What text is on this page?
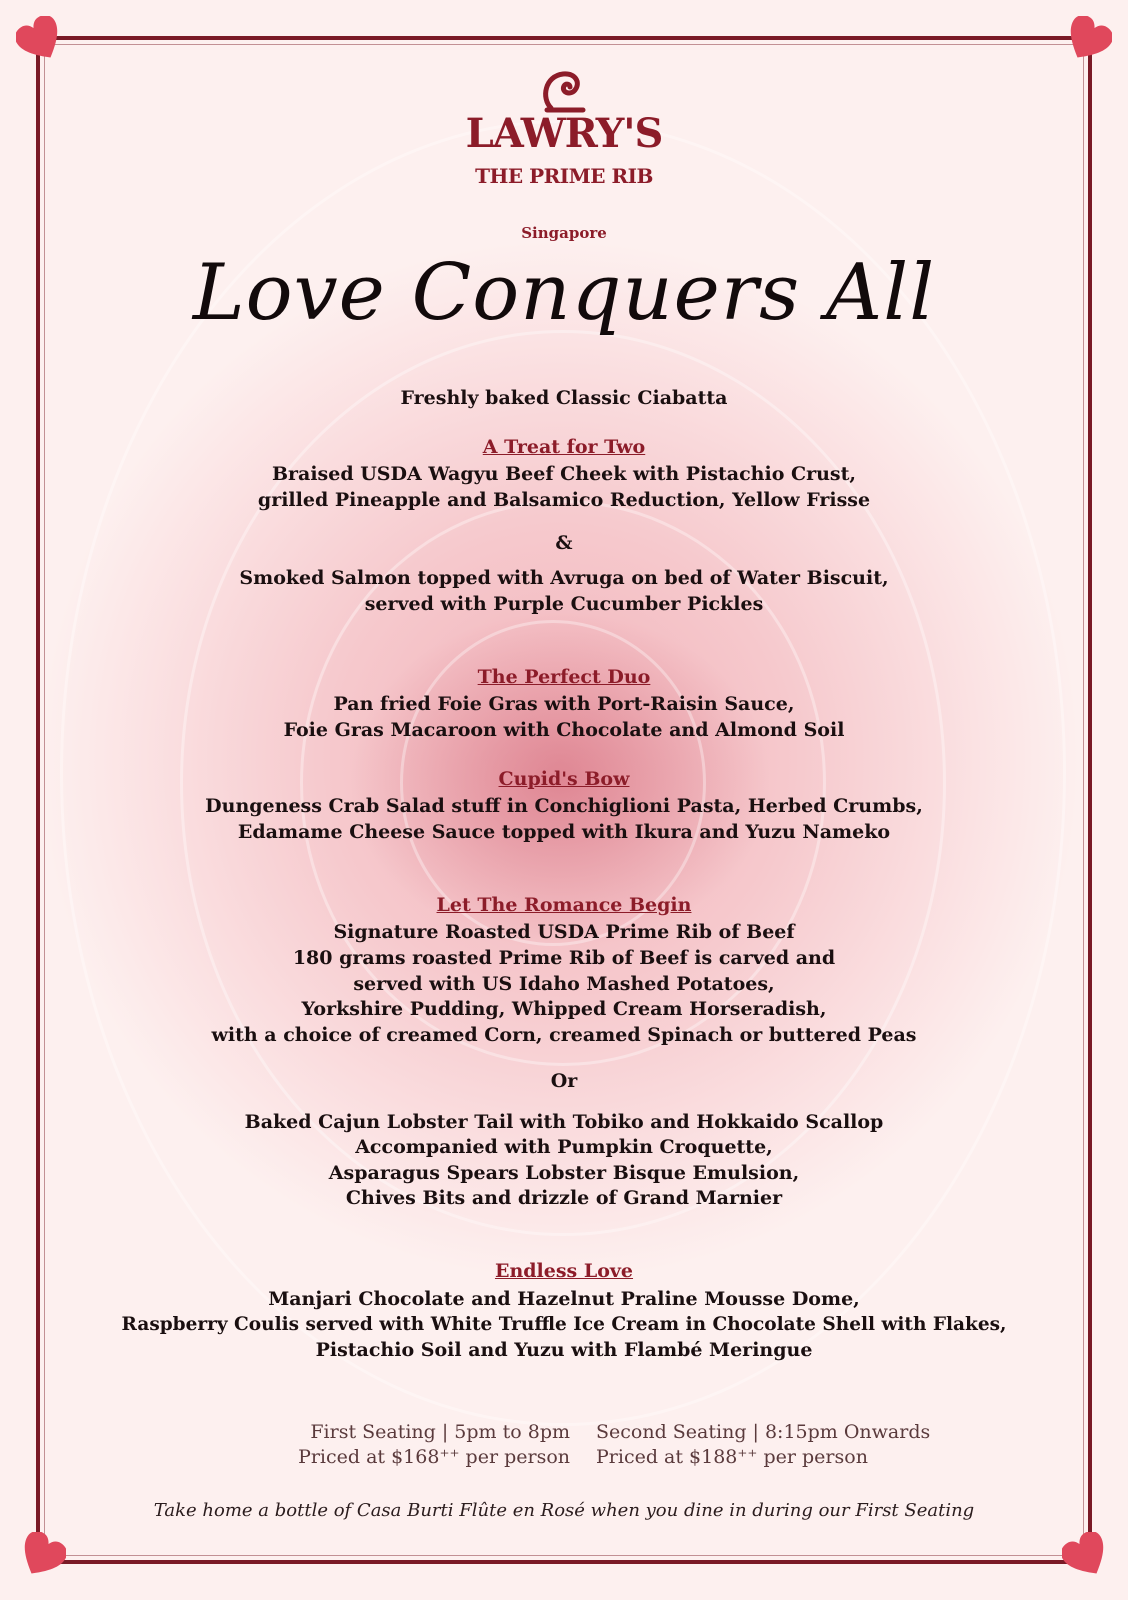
LAWRY'S
THE PRIME RIB
Singapore
Love Conquers All
Freshly baked Classic Ciabatta
A Treat for Two
Braised USDA Wagyu Beef Cheek with Pistachio Crust,
grilled Pineapple and Balsamico Reduction, Yellow Frisse
&
Smoked Salmon topped with Avruga on bed of Water Biscuit,
served with Purple Cucumber Pickles
The Perfect Duo
Pan fried Foie Gras with Port-Raisin Sauce,
Foie Gras Macaroon with Chocolate and Almond Soil
Cupid's Bow
Dungeness Crab Salad stuff in Conchiglioni Pasta, Herbed Crumbs,
Edamame Cheese Sauce topped with Ikura and Yuzu Nameko
Let The Romance Begin
Signature Roasted USDA Prime Rib of Beef
180 grams roasted Prime Rib of Beef is carved and
served with US Idaho Mashed Potatoes,
Yorkshire Pudding, Whipped Cream Horseradish,
with a choice of creamed Corn, creamed Spinach or buttered Peas
Or
Baked Cajun Lobster Tail with Tobiko and Hokkaido Scallop
Accompanied with Pumpkin Croquette,
Asparagus Spears Lobster Bisque Emulsion,
Chives Bits and drizzle of Grand Marnier
Endless Love
Manjari Chocolate and Hazelnut Praline Mousse Dome,
Raspberry Coulis served with White Truffle Ice Cream in Chocolate Shell with Flakes,
Pistachio Soil and Yuzu with Flambé Meringue
First Seating | 5pm to 8pm
Priced at $168⁺⁺ per person
Second Seating | 8:15pm Onwards
Priced at $188⁺⁺ per person
Take home a bottle of Casa Burti Flûte en Rosé when you dine in during our First Seating
